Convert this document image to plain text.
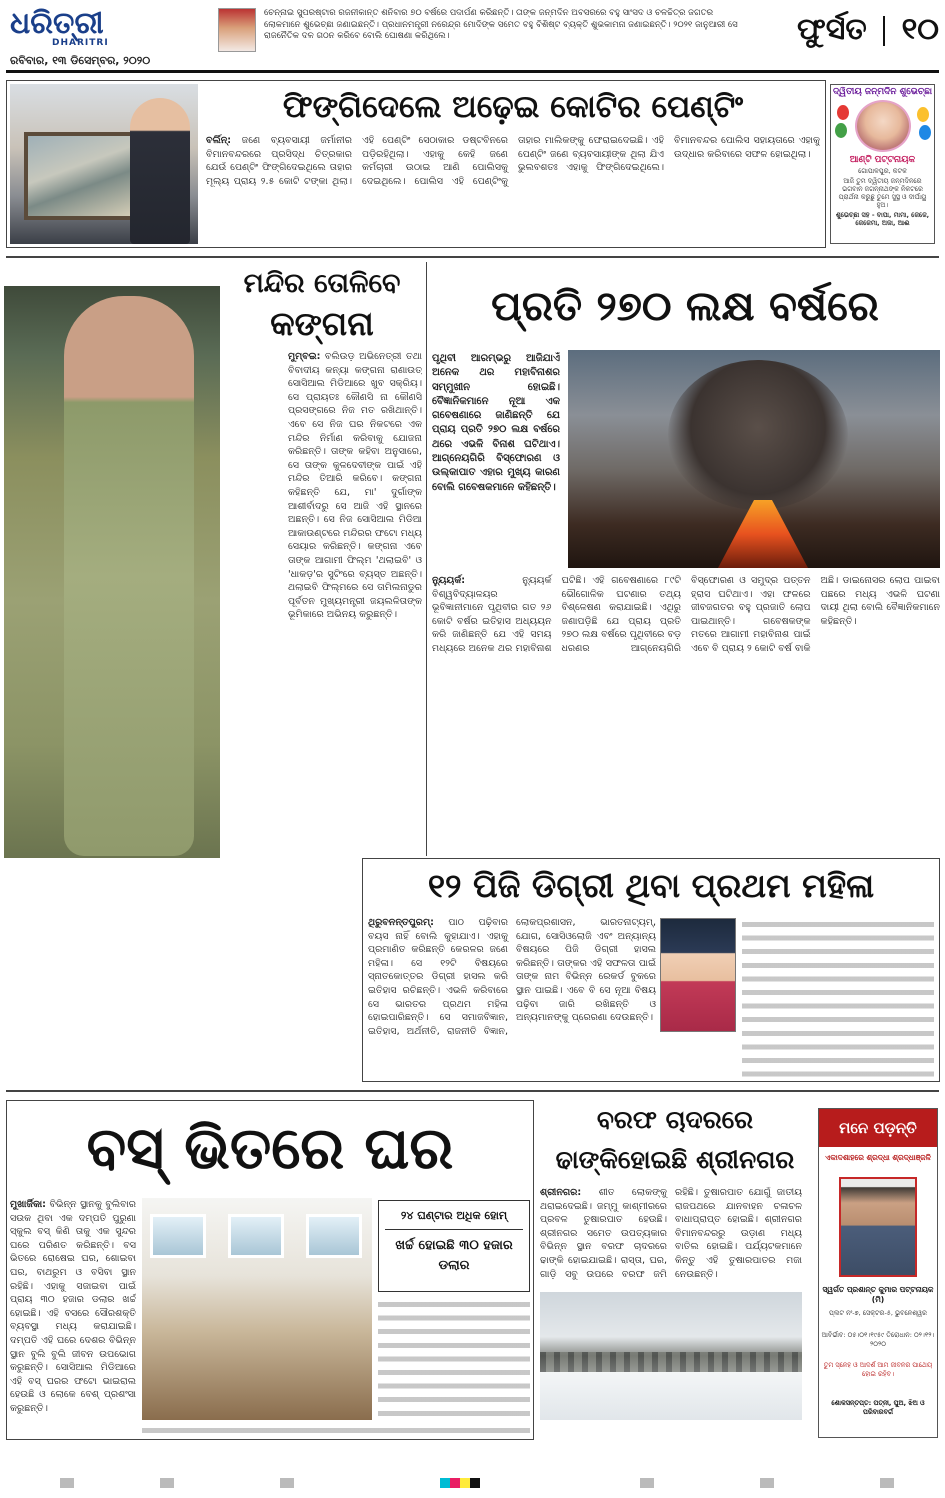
ଧରିତ୍ରୀ
DHARITRI
ରବିବାର, ୧୩ ଡିସେମ୍ବର, ୨୦୨୦
ଚେନ୍ନାଇ ସୁପରଷ୍ଟାର ରଜନୀକାନ୍ତ ଶନିବାର ୭୦ ବର୍ଷରେ ପଦାର୍ପଣ କରିଛନ୍ତି। ତାଙ୍କ ଜନ୍ମଦିନ ଅବସରରେ ବହୁ ସାଂସଦ ଓ ଚଳଚ୍ଚିତ୍ର ଜଗତର ଲୋକମାନେ ଶୁଭେଚ୍ଛା ଜଣାଇଛନ୍ତି। ପ୍ରଧାନମନ୍ତ୍ରୀ ନରେନ୍ଦ୍ର ମୋଦିଙ୍କ ସମେତ ବହୁ ବିଶିଷ୍ଟ ବ୍ୟକ୍ତି ଶୁଭକାମନା ଜଣାଇଛନ୍ତି। ୨୦୨୧ ଜାନୁଆରୀ ସେ ରାଜନୈତିକ ଦଳ ଗଠନ କରିବେ ବୋଲି ଘୋଷଣା କରିଥିଲେ।	ଫୁର୍ସତ ୧୦
ଫିଙ୍ଗିଦେଲେ ଅଢ଼େଇ କୋଟିର ପେଣ୍ଟିଂ
ବର୍ଲିନ୍: ଜଣେ ବ୍ୟବସାୟୀ ଜର୍ମାନୀର ବିମାନବନ୍ଦରରେ ପ୍ରସିଦ୍ଧ ଚିତ୍ରକାର ଯେଉଁ ପେଣ୍ଟିଂ ଫିଙ୍ଗିଦେଇଥିଲେ ତାହାର ମୂଲ୍ୟ ପ୍ରାୟ ୨.୫ କୋଟି ଟଙ୍କା ଥିଲା। ଏହି ପେଣ୍ଟିଂ ସେଠାକାର ଡଷ୍ଟବିନରେ ପଡ଼ିରହିଥିଲା। ଏହାକୁ କେହି ଜଣେ କର୍ମଚାରୀ ଉଠାଇ ଆଣି ପୋଲିସକୁ ଦେଇଥିଲେ। ପୋଲିସ ଏହି ପେଣ୍ଟିଂକୁ ତାହାର ମାଲିକଙ୍କୁ ଫେରାଇଦେଇଛି। ଏହି ପେଣ୍ଟିଂ ଜଣେ ବ୍ୟବସାୟୀଙ୍କ ଥିଲା ଯିଏ ଭୁଲବଶତଃ ଏହାକୁ ଫିଙ୍ଗିଦେଇଥିଲେ। ବିମାନବନ୍ଦର ପୋଲିସ ସହାୟତାରେ ଏହାକୁ ଉଦ୍ଧାର କରିବାରେ ସଫଳ ହୋଇଥିଲା।
ଦ୍ୱିତୀୟ ଜନ୍ମଦିନ ଶୁଭେଚ୍ଛା
ଆଣ୍ଟି ପଟ୍ଟନାୟକ
ଗୋପାଳପୁର, କଟକ
ଆଜି ତୁମ ଦ୍ୱିତୀୟ ଜନ୍ମଦିନରେ ଭଗବାନ ଜଗନ୍ନାଥଙ୍କ ନିକଟରେ ପ୍ରାର୍ଥନା କରୁଛୁ ତୁମେ ସୁସ୍ଥ ଓ ଦୀର୍ଘାୟୁ ହୁଅ।
ଶୁଭେଚ୍ଛା ସହ - ବାପା, ମାମା, ଜେଜେ, ଜେଜେମା, ଅଜା, ଆଈ
ମନ୍ଦିର ତୋଳିବେ
କଙ୍ଗନା
ମୁମ୍ବଇ: ବଲିଉଡ଼ ଅଭିନେତ୍ରୀ ତଥା ବିବାଦୀୟ କନ୍ୟା କଙ୍ଗନା ରାଣାଉତ୍ ସୋସିଆଲ ମିଡିଆରେ ଖୁବ ସକ୍ରିୟ। ସେ ପ୍ରାୟତଃ କୌଣସି ନା କୌଣସି ପ୍ରସଙ୍ଗରେ ନିଜ ମତ ରଖିଥାନ୍ତି। ଏବେ ସେ ନିଜ ଘର ନିକଟରେ ଏକ ମନ୍ଦିର ନିର୍ମାଣ କରିବାକୁ ଯୋଜନା କରିଛନ୍ତି। ତାଙ୍କ କହିବା ଅନୁସାରେ, ସେ ତାଙ୍କ କୁଳଦେବୀଙ୍କ ପାଇଁ ଏହି ମନ୍ଦିର ତିଆରି କରିବେ। କଙ୍ଗନା କହିଛନ୍ତି ଯେ, ମା' ଦୁର୍ଗାଙ୍କ ଆଶୀର୍ବାଦରୁ ସେ ଆଜି ଏହି ସ୍ଥାନରେ ଅଛନ୍ତି। ସେ ନିଜ ସୋସିଆଲ ମିଡିଆ ଆକାଉଣ୍ଟରେ ମନ୍ଦିରର ଫଟୋ ମଧ୍ୟ ସେୟାର କରିଛନ୍ତି। କଙ୍ଗନା ଏବେ ତାଙ୍କ ଆଗାମୀ ଫିଲ୍ମ 'ଥଲାଇବି' ଓ 'ଧାକଡ଼'ର ସୁଟିଂରେ ବ୍ୟସ୍ତ ଅଛନ୍ତି। ଥଲାଇବି ଫିଲ୍ମରେ ସେ ତାମିଲନାଡୁର ପୂର୍ବତନ ମୁଖ୍ୟମନ୍ତ୍ରୀ ଜୟଲଳିତାଙ୍କ ଭୂମିକାରେ ଅଭିନୟ କରୁଛନ୍ତି।
ପ୍ରତି ୨୭୦ ଲକ୍ଷ ବର୍ଷରେ
ପୃଥିବୀ ଆରମ୍ଭରୁ ଆଜିଯାଏଁ ଅନେକ ଥର ମହାବିନାଶର ସମ୍ମୁଖୀନ ହୋଇଛି। ବୈଜ୍ଞାନିକମାନେ ନୂଆ ଏକ ଗବେଷଣାରେ ଜାଣିଛନ୍ତି ଯେ ପ୍ରାୟ ପ୍ରତି ୨୭୦ ଲକ୍ଷ ବର୍ଷରେ ଥରେ ଏଭଳି ବିନାଶ ଘଟିଥାଏ। ଆଗ୍ନେୟଗିରି ବିସ୍ଫୋରଣ ଓ ଉଲ୍କାପାତ ଏହାର ମୁଖ୍ୟ କାରଣ ବୋଲି ଗବେଷକମାନେ କହିଛନ୍ତି।
ନ୍ୟୁୟର୍କ:	ନ୍ୟୁୟର୍କ ବିଶ୍ୱବିଦ୍ୟାଳୟର ଭୂବିଜ୍ଞାନୀମାନେ ପୃଥିବୀର ଗତ ୨୬ କୋଟି ବର୍ଷର ଇତିହାସ ଅଧ୍ୟୟନ କରି ଜାଣିଛନ୍ତି ଯେ ଏହି ସମୟ ମଧ୍ୟରେ ଅନେକ ଥର ମହାବିନାଶ ଘଟିଛି। ଏହି ଗବେଷଣାରେ ୮୯ଟି ଭୌଗୋଳିକ ଘଟଣାର ତଥ୍ୟ ବିଶ୍ଳେଷଣ କରାଯାଇଛି। ଏଥିରୁ ଜଣାପଡ଼ିଛି ଯେ ପ୍ରାୟ ପ୍ରତି ୨୭୦ ଲକ୍ଷ ବର୍ଷରେ ପୃଥିବୀରେ ବଡ଼ ଧରଣର ଆଗ୍ନେୟଗିରି ବିସ୍ଫୋରଣ ଓ ସମୁଦ୍ର ପତ୍ତନ ହ୍ରାସ ଘଟିଥାଏ। ଏହା ଫଳରେ ଜୀବଜଗତର ବହୁ ପ୍ରଜାତି ଲୋପ ପାଇଥାନ୍ତି। ଗବେଷକଙ୍କ ମତରେ ଆଗାମୀ ମହାବିନାଶ ପାଇଁ ଏବେ ବି ପ୍ରାୟ ୨ କୋଟି ବର୍ଷ ବାକି ଅଛି। ଡାଇନୋସର ଲୋପ ପାଇବା ପଛରେ ମଧ୍ୟ ଏଭଳି ଘଟଣା ଦାୟୀ ଥିଲା ବୋଲି ବୈଜ୍ଞାନିକମାନେ କହିଛନ୍ତି।
୧୨ ପିଜି ଡିଗ୍ରୀ ଥିବା ପ୍ରଥମ ମହିଳା
ଥିରୁବନନ୍ତପୁରମ୍: ପାଠ ପଢ଼ିବାର ବୟସ ନାହିଁ ବୋଲି କୁହାଯାଏ। ଏହାକୁ ପ୍ରମାଣିତ କରିଛନ୍ତି କେରଳର ଜଣେ ମହିଳା। ସେ ୧୨ଟି ବିଷୟରେ ସ୍ନାତକୋତ୍ତର ଡିଗ୍ରୀ ହାସଲ କରି ଇତିହାସ ରଚିଛନ୍ତି। ଏଭଳି କରିବାରେ ସେ ଭାରତର ପ୍ରଥମ ମହିଳା ହୋଇପାରିଛନ୍ତି। ସେ ସମାଜବିଜ୍ଞାନ, ଇତିହାସ, ଅର୍ଥନୀତି, ରାଜନୀତି ବିଜ୍ଞାନ, ଲୋକପ୍ରଶାସନ, ଭାରତନାଟ୍ୟମ୍, ଯୋଗ, ସୋସିଓଲୋଜି ଏବଂ ଅନ୍ୟାନ୍ୟ ବିଷୟରେ ପିଜି ଡିଗ୍ରୀ ହାସଲ କରିଛନ୍ତି। ତାଙ୍କର ଏହି ସଫଳତା ପାଇଁ ତାଙ୍କ ନାମ ବିଭିନ୍ନ ରେକର୍ଡ ବୁକରେ ସ୍ଥାନ ପାଇଛି। ଏବେ ବି ସେ ନୂଆ ବିଷୟ ପଢ଼ିବା ଜାରି ରଖିଛନ୍ତି ଓ ଅନ୍ୟମାନଙ୍କୁ ପ୍ରେରଣା ଦେଉଛନ୍ତି।
ବସ୍ ଭିତରେ ଘର
ମୁଖାର୍ଜିକା: ବିଭିନ୍ନ ସ୍ଥାନକୁ ବୁଲିବାର ସଉକ ଥିବା ଏକ ଦମ୍ପତି ପୁରୁଣା ସ୍କୁଲ ବସ୍ କିଣି ତାକୁ ଏକ ସୁନ୍ଦର ଘରେ ପରିଣତ କରିଛନ୍ତି। ବସ ଭିତରେ ରୋଷେଇ ଘର, ଶୋଇବା ଘର, ବାଥରୁମ ଓ ବସିବା ସ୍ଥାନ ରହିଛି। ଏହାକୁ ସଜାଇବା ପାଇଁ ପ୍ରାୟ ୩୦ ହଜାର ଡଲାର ଖର୍ଚ୍ଚ ହୋଇଛି। ଏହି ବସରେ ସୌରଶକ୍ତି ବ୍ୟବସ୍ଥା ମଧ୍ୟ କରାଯାଇଛି। ଦମ୍ପତି ଏହି ଘରେ ଦେଶର ବିଭିନ୍ନ ସ୍ଥାନ ବୁଲି ବୁଲି ଜୀବନ ଉପଭୋଗ କରୁଛନ୍ତି। ସୋସିଆଲ ମିଡିଆରେ ଏହି ବସ୍ ଘରର ଫଟୋ ଭାଇରାଲ ହେଉଛି ଓ ଲୋକେ ବେଶ୍ ପ୍ରଶଂସା କରୁଛନ୍ତି।
୨୪ ଘଣ୍ଟାର ଅଧିକ ହୋମ୍
ଖର୍ଚ୍ଚ ହୋଇଛି ୩୦ ହଜାର ଡଲାର
ବରଫ ଚାଦରରେ
ଢାଙ୍କିହୋଇଛି ଶ୍ରୀନଗର
ଶ୍ରୀନଗର: ଶୀତ ଲୋକଙ୍କୁ ଥରାଇଦେଇଛି। ଜମ୍ମୁ କାଶ୍ମୀରରେ ପ୍ରବଳ ତୁଷାରପାତ ହେଉଛି। ଶ୍ରୀନଗର ସମେତ ଉପତ୍ୟକାର ବିଭିନ୍ନ ସ୍ଥାନ ବରଫ ଚାଦରରେ ଢାଙ୍କି ହୋଇଯାଇଛି। ରାସ୍ତା, ଘର, ଗାଡ଼ି ସବୁ ଉପରେ ବରଫ ଜମି ରହିଛି। ତୁଷାରପାତ ଯୋଗୁଁ ଜାତୀୟ ରାଜପଥରେ ଯାନବାହନ ଚଳାଚଳ ବାଧାପ୍ରାପ୍ତ ହୋଇଛି। ଶ୍ରୀନଗର ବିମାନବନ୍ଦରରୁ ଉଡ଼ାଣ ମଧ୍ୟ ବାତିଲ ହୋଇଛି। ପର୍ଯ୍ୟଟକମାନେ କିନ୍ତୁ ଏହି ତୁଷାରପାତର ମଜା ନେଉଛନ୍ତି।
ମନେ ପଡ଼ନ୍ତି
ଏକାଦଶାହରେ ଶ୍ରଦ୍ଧା ଶ୍ରଦ୍ଧାଞ୍ଜଳି
ସ୍ୱର୍ଗତ ପ୍ରଶାନ୍ତ କୁମାର ପଟ୍ଟନାୟକ (ମି)
ପ୍ଲଟ ନଂ-୭, ସେକ୍ଟର-୫, ଭୁବନେଶ୍ୱର
ଆବିର୍ଭାବ: ୦୫।୦୧।୧୯୫୯ ତିରୋଧାନ: ୦୨।୧୨।୨୦୨୦
ତୁମ ସ୍ନେହ ଓ ଆଦର୍ଶ ଆମ ଜୀବନର ପାଥେୟ ହୋଇ ରହିବ।
ଶୋକସନ୍ତପ୍ତ: ପତ୍ନୀ, ପୁଅ, ଝିଅ ଓ ପରିବାରବର୍ଗ
